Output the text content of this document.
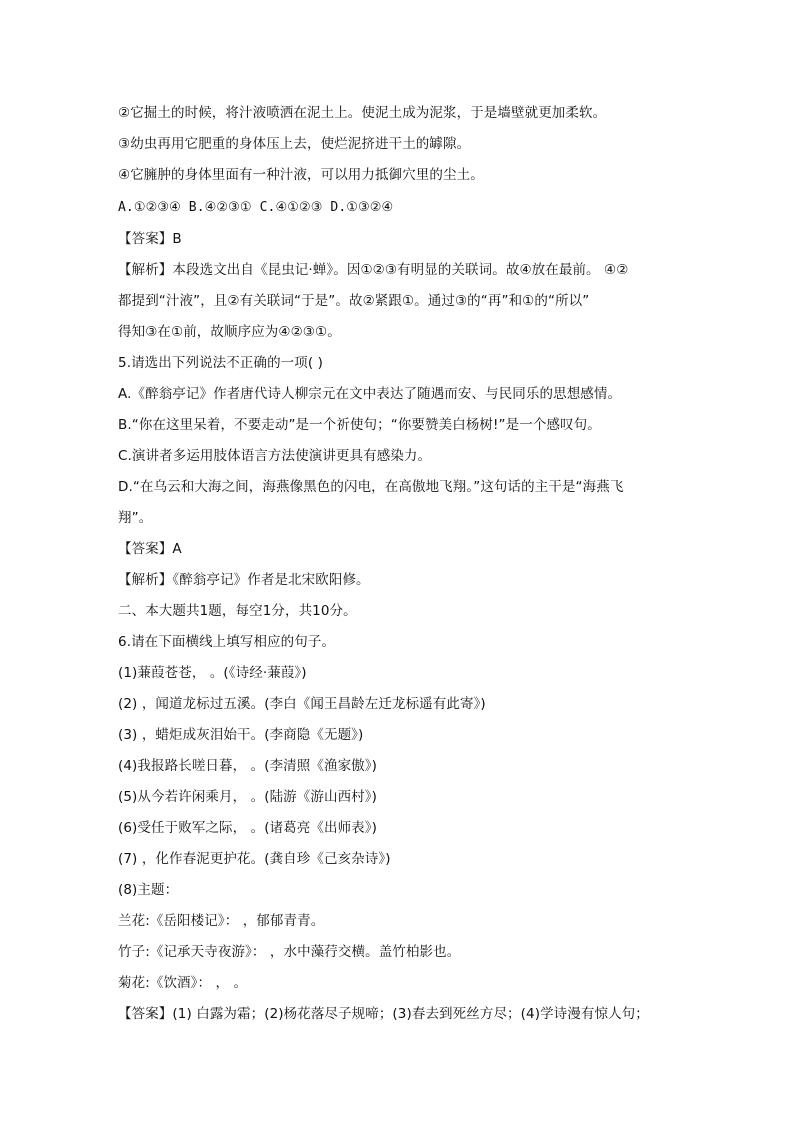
②它掘土的时候，将汁液喷洒在泥土上。使泥土成为泥浆，于是墙壁就更加柔软。
③幼虫再用它肥重的身体压上去，使烂泥挤进干土的罅隙。
④它臃肿的身体里面有一种汁液，可以用力抵御穴里的尘土。
A.①②③④ B.④②③① C.④①②③ D.①③②④
【答案】B
【解析】本段选文出自《昆虫记·蝉》。因①②③有明显的关联词。故④放在最前。 ④②
都提到“汁液”，且②有关联词“于是”。故②紧跟①。通过③的“再”和①的“所以”
得知③在①前，故顺序应为④②③①。
5.请选出下列说法不正确的一项( )
A.《醉翁亭记》作者唐代诗人柳宗元在文中表达了随遇而安、与民同乐的思想感情。
B.“你在这里呆着，不要走动”是一个祈使句；“你要赞美白杨树!”是一个感叹句。
C.演讲者多运用肢体语言方法使演讲更具有感染力。
D.“在乌云和大海之间，海燕像黑色的闪电，在高傲地飞翔。”这句话的主干是“海燕飞
翔”。
【答案】A
【解析】《醉翁亭记》作者是北宋欧阳修。
二、本大题共1题，每空1分，共10分。
6.请在下面横线上填写相应的句子。
(1)蒹葭苍苍， 。(《诗经·蒹葭》)
(2) ，闻道龙标过五溪。(李白《闻王昌龄左迁龙标遥有此寄》)
(3) ，蜡炬成灰泪始干。(李商隐《无题》)
(4)我报路长嗟日暮， 。(李清照《渔家傲》)
(5)从今若许闲乘月， 。(陆游《游山西村》)
(6)受任于败军之际， 。(诸葛亮《出师表》)
(7) ，化作春泥更护花。(龚自珍《己亥杂诗》)
(8)主题：
兰花:《岳阳楼记》： ，郁郁青青。
竹子:《记承天寺夜游》： ，水中藻荇交横。盖竹柏影也。
菊花:《饮酒》： ， 。
【答案】(1) 白露为霜；(2)杨花落尽子规啼；(3)春去到死丝方尽；(4)学诗漫有惊人句；
